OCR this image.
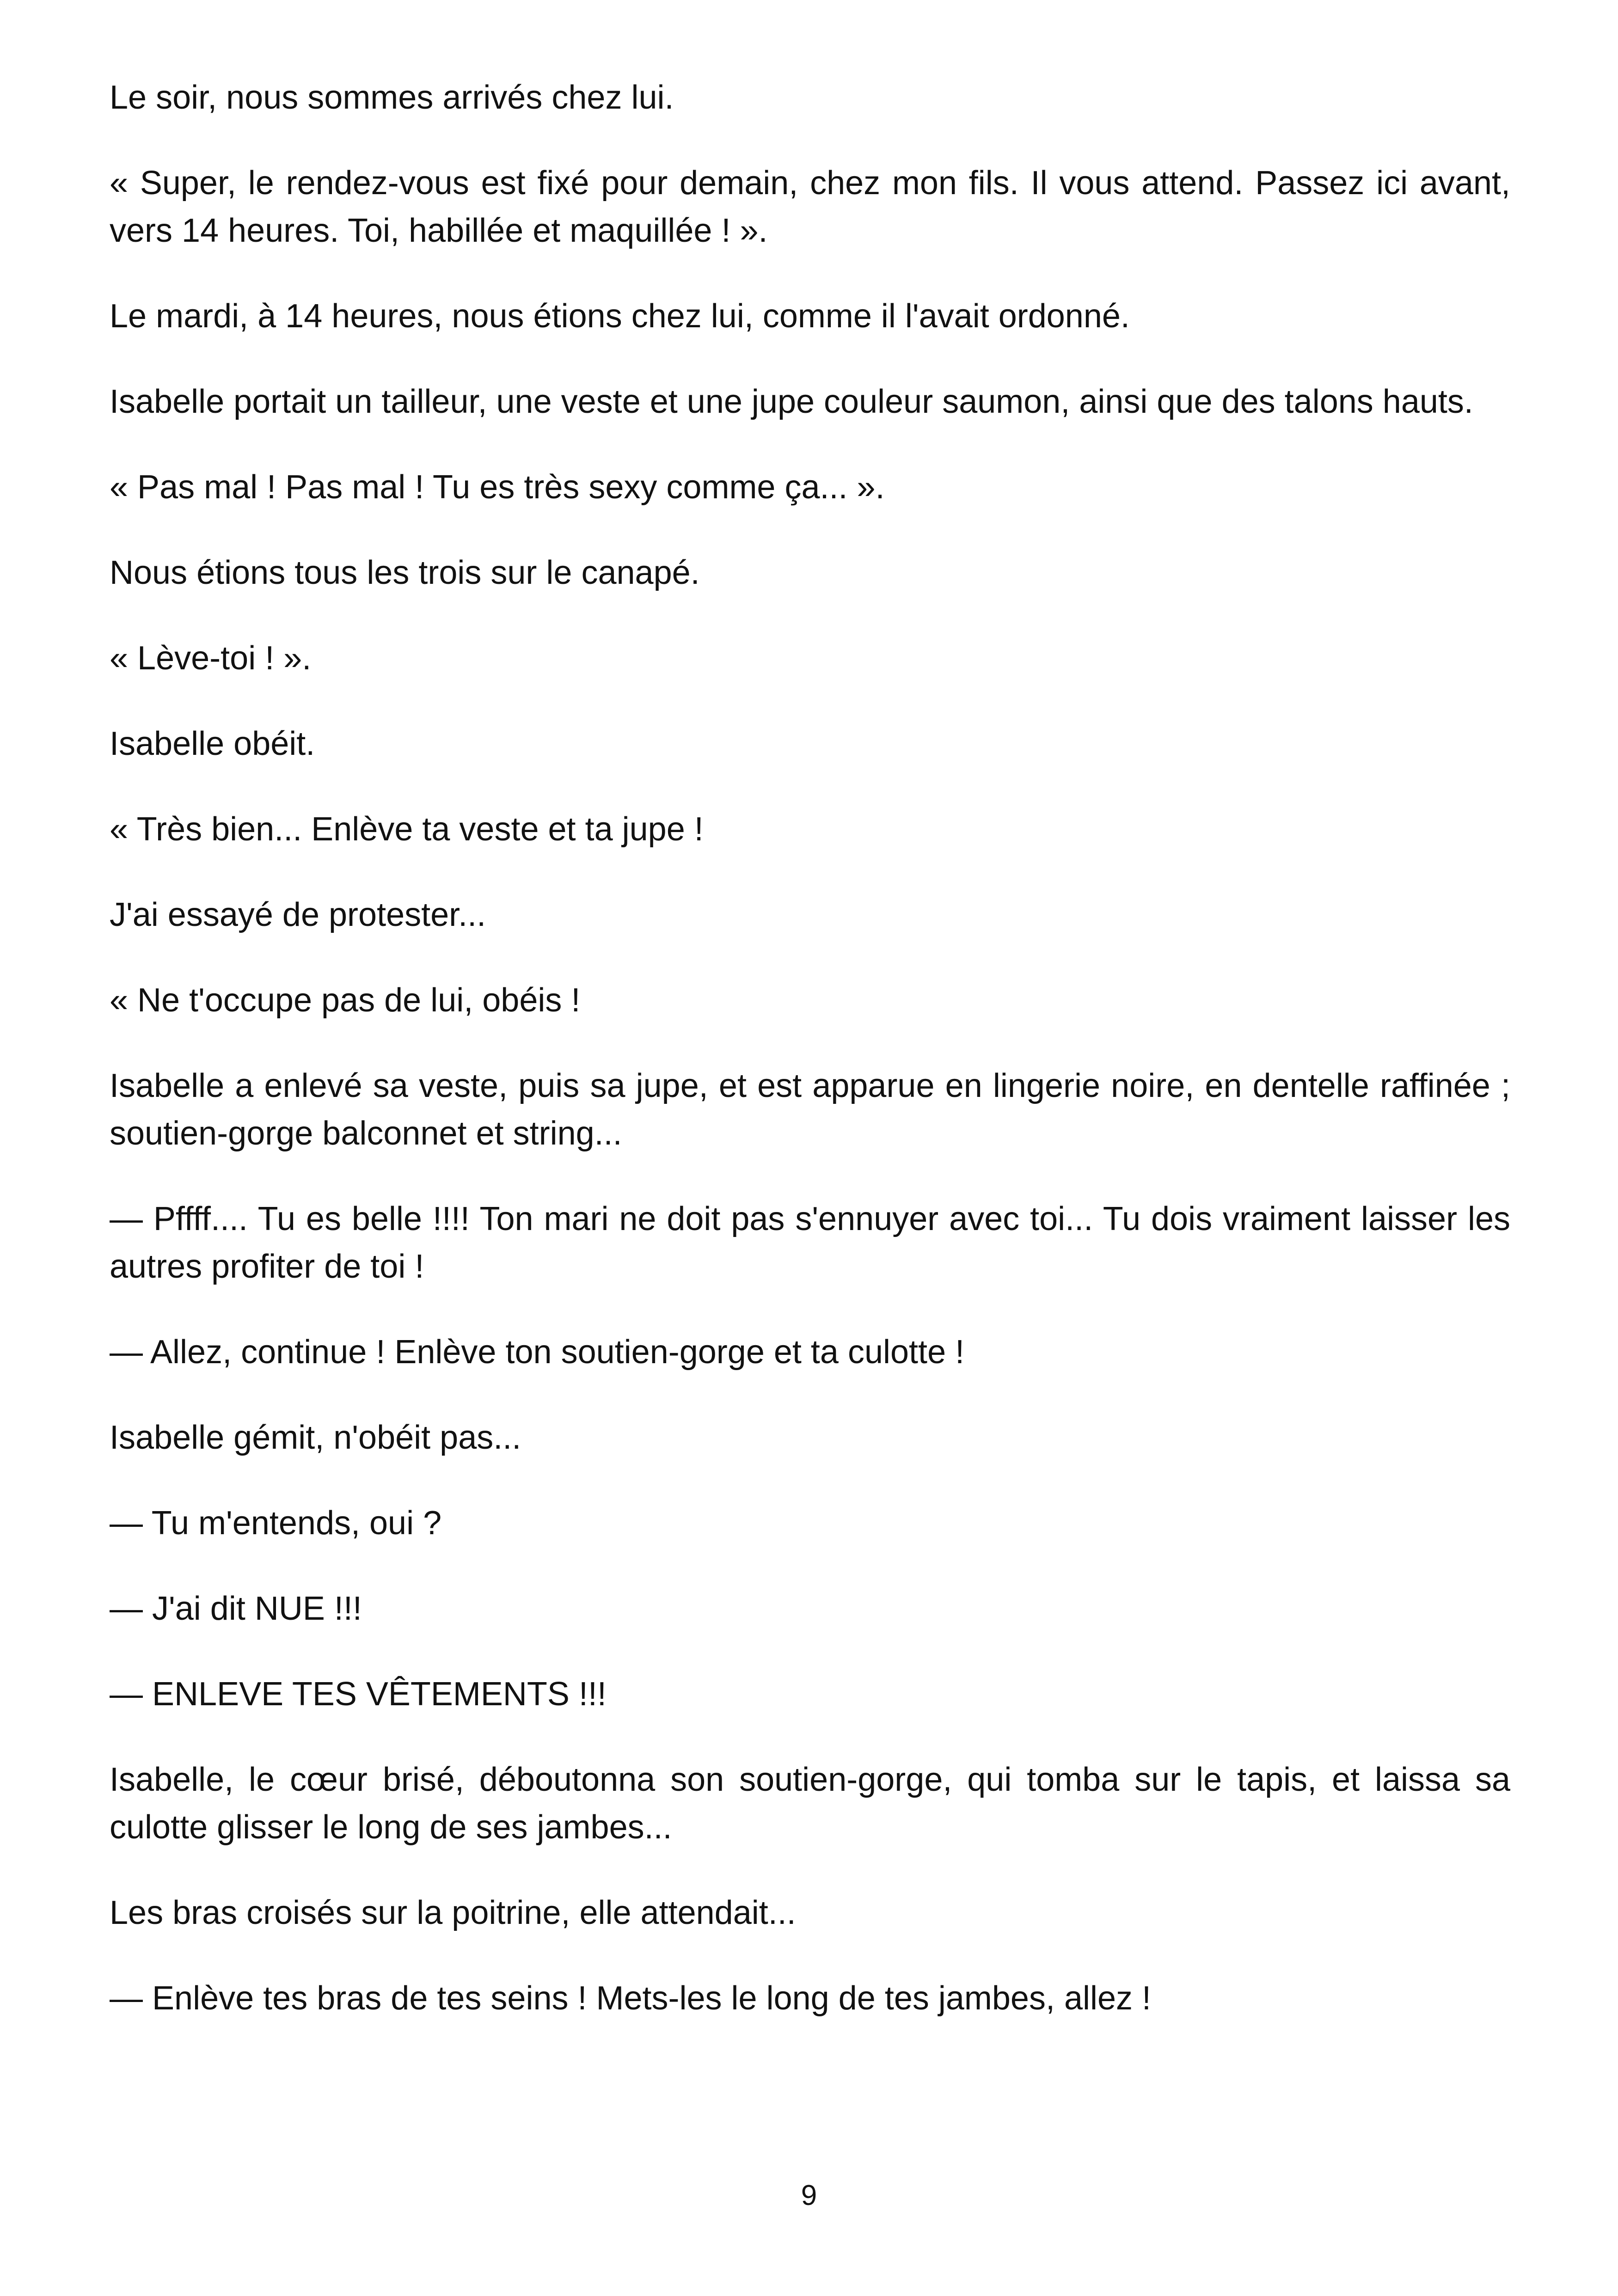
Le soir, nous sommes arrivés chez lui.

« Super, le rendez-vous est fixé pour demain, chez mon fils. Il vous attend. Passez ici avant, vers 14 heures. Toi, habillée et maquillée ! ».

Le mardi, à 14 heures, nous étions chez lui, comme il l'avait ordonné.

Isabelle portait un tailleur, une veste et une jupe couleur saumon, ainsi que des talons hauts.

« Pas mal ! Pas mal ! Tu es très sexy comme ça... ».

Nous étions tous les trois sur le canapé.

« Lève-toi ! ».

Isabelle obéit.

« Très bien... Enlève ta veste et ta jupe !

J'ai essayé de protester...

« Ne t'occupe pas de lui, obéis !

Isabelle a enlevé sa veste, puis sa jupe, et est apparue en lingerie noire, en dentelle raffinée ; soutien-gorge balconnet et string...

— Pffff.... Tu es belle !!!! Ton mari ne doit pas s'ennuyer avec toi... Tu dois vraiment laisser les autres profiter de toi !

— Allez, continue ! Enlève ton soutien-gorge et ta culotte !

Isabelle gémit, n'obéit pas...

— Tu m'entends, oui ?

— J'ai dit NUE !!!

— ENLEVE TES VÊTEMENTS !!!

Isabelle, le cœur brisé, déboutonna son soutien-gorge, qui tomba sur le tapis, et laissa sa culotte glisser le long de ses jambes...

Les bras croisés sur la poitrine, elle attendait...

— Enlève tes bras de tes seins ! Mets-les le long de tes jambes, allez !

9
